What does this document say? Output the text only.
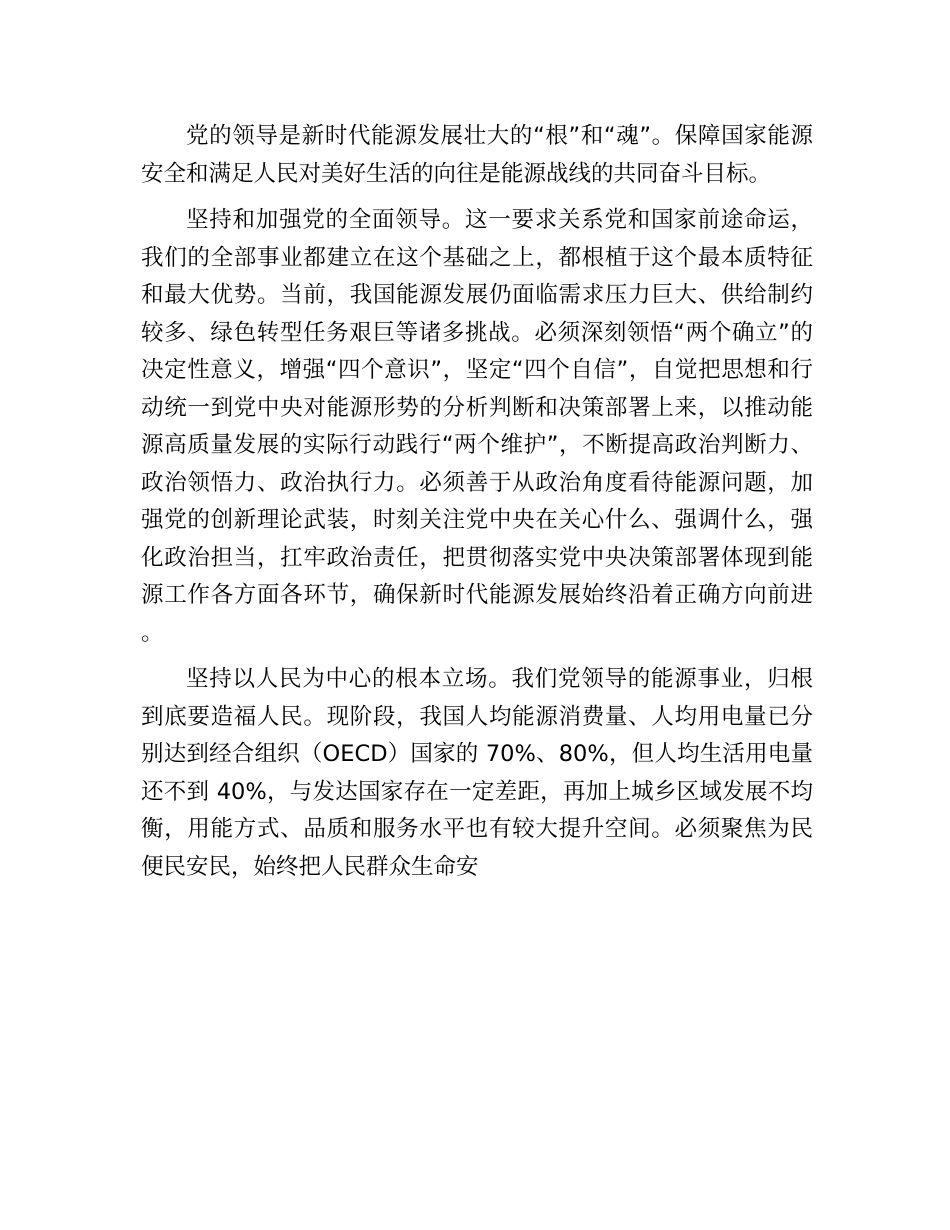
党的领导是新时代能源发展壮大的“根”和“魂”。保障国家能源安全和满足人民对美好生活的向往是能源战线的共同奋斗目标。

坚持和加强党的全面领导。这一要求关系党和国家前途命运，我们的全部事业都建立在这个基础之上，都根植于这个最本质特征和最大优势。当前，我国能源发展仍面临需求压力巨大、供给制约较多、绿色转型任务艰巨等诸多挑战。必须深刻领悟“两个确立”的决定性意义，增强“四个意识”，坚定“四个自信”，自觉把思想和行动统一到党中央对能源形势的分析判断和决策部署上来，以推动能源高质量发展的实际行动践行“两个维护”，不断提高政治判断力、政治领悟力、政治执行力。必须善于从政治角度看待能源问题，加强党的创新理论武装，时刻关注党中央在关心什么、强调什么，强化政治担当，扛牢政治责任，把贯彻落实党中央决策部署体现到能源工作各方面各环节，确保新时代能源发展始终沿着正确方向前进。

坚持以人民为中心的根本立场。我们党领导的能源事业，归根到底要造福人民。现阶段，我国人均能源消费量、人均用电量已分别达到经合组织（OECD）国家的 70%、80%，但人均生活用电量还不到 40%，与发达国家存在一定差距，再加上城乡区域发展不均衡，用能方式、品质和服务水平也有较大提升空间。必须聚焦为民便民安民，始终把人民群众生命安
